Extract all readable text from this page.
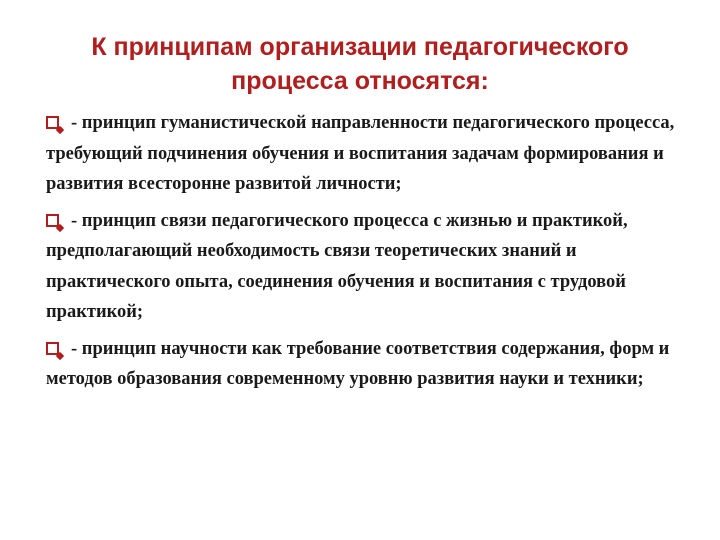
К принципам организации педагогического
процесса относятся:
- принцип гуманистической направленности педагогического процесса, требующий подчинения обучения и воспитания задачам формирования и развития всесторонне развитой личности;
- принцип связи педагогического процесса с жизнью и практикой, предполагающий необходимость связи теоретических знаний и практического опыта, соединения обучения и воспитания с трудовой практикой;
- принцип научности как требование соответствия содержания, форм и методов образования современному уровню развития науки и техники;
